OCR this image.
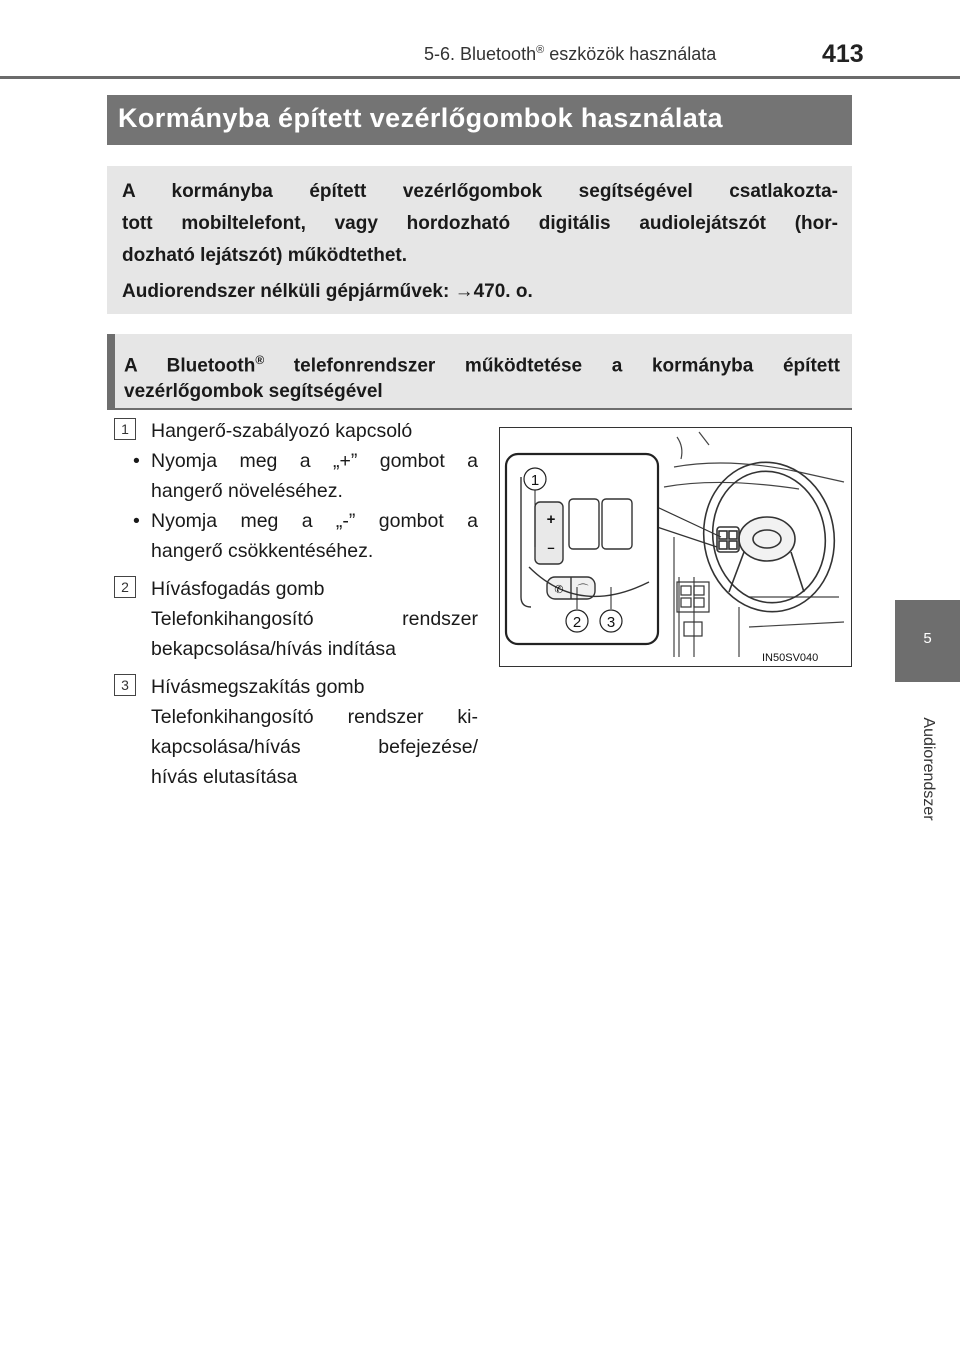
5-6. Bluetooth® eszközök használata	413
5
Audiorendszer
Kormányba épített vezérlőgombok használata
A kormányba épített vezérlőgombok segítségével csatlakozta-
tott mobiltelefont, vagy hordozható digitális audiolejátszót (hor-
dozható lejátszót) működtethet.
Audiorendszer nélküli gépjárművek: →470. o.
A Bluetooth® telefonrendszer működtetése a kormányba épített
vezérlőgombok segítségével
1	Hangerő-szabályozó kapcsoló
• Nyomja meg a „+” gombot a
hangerő növeléséhez.
• Nyomja meg a „-” gombot a
hangerő csökkentéséhez.
2	Hívásfogadás gomb
Telefonkihangosító rendszer
bekapcsolása/hívás indítása
3	Hívásmegszakítás gomb
Telefonkihangosító rendszer ki-
kapcsolása/hívás befejezése/
hívás elutasítása
+
–
✆ ⌒
1
2 3
IN50SV040
